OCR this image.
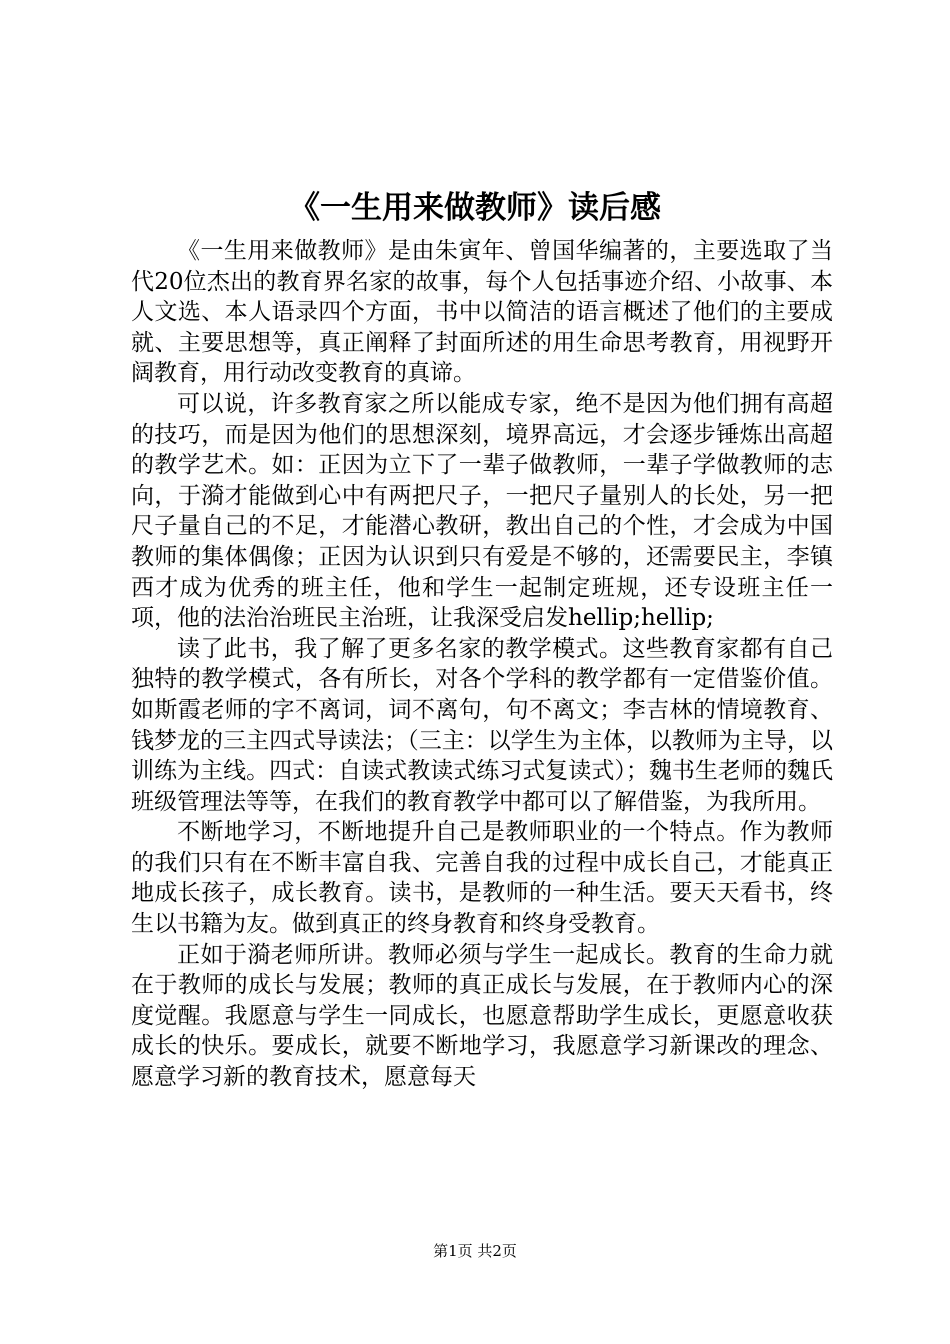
《一生用来做教师》读后感

《一生用来做教师》是由朱寅年、曾国华编著的，主要选取了当代20位杰出的教育界名家的故事，每个人包括事迹介绍、小故事、本人文选、本人语录四个方面，书中以简洁的语言概述了他们的主要成就、主要思想等，真正阐释了封面所述的用生命思考教育，用视野开阔教育，用行动改变教育的真谛。

可以说，许多教育家之所以能成专家，绝不是因为他们拥有高超的技巧，而是因为他们的思想深刻，境界高远，才会逐步锤炼出高超的教学艺术。如：正因为立下了一辈子做教师，一辈子学做教师的志向，于漪才能做到心中有两把尺子，一把尺子量别人的长处，另一把尺子量自己的不足，才能潜心教研，教出自己的个性，才会成为中国教师的集体偶像；正因为认识到只有爱是不够的，还需要民主，李镇西才成为优秀的班主任，他和学生一起制定班规，还专设班主任一项，他的法治治班民主治班，让我深受启发hellip;hellip;

读了此书，我了解了更多名家的教学模式。这些教育家都有自己独特的教学模式，各有所长，对各个学科的教学都有一定借鉴价值。如斯霞老师的字不离词，词不离句，句不离文；李吉林的情境教育、钱梦龙的三主四式导读法；（三主：以学生为主体，以教师为主导，以训练为主线。四式：自读式教读式练习式复读式）；魏书生老师的魏氏班级管理法等等，在我们的教育教学中都可以了解借鉴，为我所用。

不断地学习，不断地提升自己是教师职业的一个特点。作为教师的我们只有在不断丰富自我、完善自我的过程中成长自己，才能真正地成长孩子，成长教育。读书，是教师的一种生活。要天天看书，终生以书籍为友。做到真正的终身教育和终身受教育。

正如于漪老师所讲。教师必须与学生一起成长。教育的生命力就在于教师的成长与发展；教师的真正成长与发展，在于教师内心的深度觉醒。我愿意与学生一同成长，也愿意帮助学生成长，更愿意收获成长的快乐。要成长，就要不断地学习，我愿意学习新课改的理念、愿意学习新的教育技术，愿意每天

第1页 共2页
